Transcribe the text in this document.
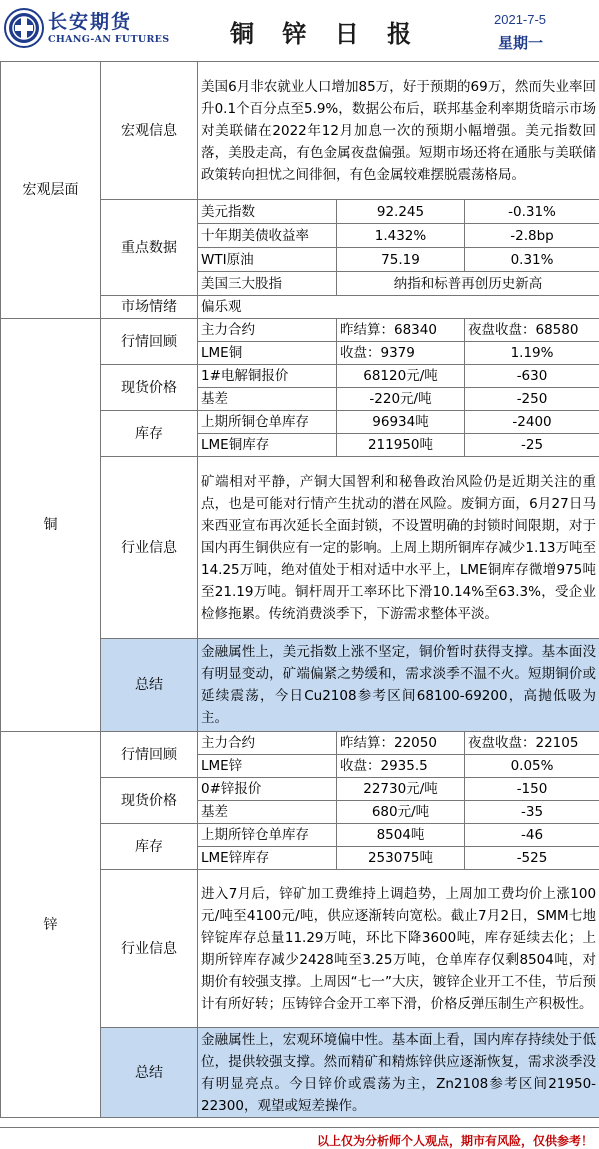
长安期货
CHANG-AN FUTURES	铜 锌 日 报
2021-7-5
星期一
宏观层面	宏观信息	美国6月非农就业人口增加85万，好于预期的69万，然而失业率回升0.1个百分点至5.9%，数据公布后，联邦基金利率期货暗示市场对美联储在2022年12月加息一次的预期小幅增强。美元指数回落，美股走高，有色金属夜盘偏强。短期市场还将在通胀与美联储政策转向担忧之间徘徊，有色金属较难摆脱震荡格局。		
	重点数据	美元指数	92.245	-0.31%
		十年期美债收益率	1.432%	-2.8bp
		WTI原油	75.19	0.31%
		美国三大股指	纳指和标普再创历史新高	
	市场情绪	偏乐观		
铜	行情回顾	主力合约	昨结算：68340	夜盘收盘：68580
		LME铜	收盘：9379	1.19%
	现货价格	1#电解铜报价	68120元/吨	-630
		基差	-220元/吨	-250
	库存	上期所铜仓单库存	96934吨	-2400
		LME铜库存	211950吨	-25
	行业信息	矿端相对平静，产铜大国智利和秘鲁政治风险仍是近期关注的重点，也是可能对行情产生扰动的潜在风险。废铜方面，6月27日马来西亚宣布再次延长全面封锁，不设置明确的封锁时间限期，对于国内再生铜供应有一定的影响。上周上期所铜库存减少1.13万吨至14.25万吨，绝对值处于相对适中水平上，LME铜库存微增975吨至21.19万吨。铜杆周开工率环比下滑10.14%至63.3%，受企业检修拖累。传统消费淡季下，下游需求整体平淡。		
	总结	金融属性上，美元指数上涨不坚定，铜价暂时获得支撑。基本面没有明显变动，矿端偏紧之势缓和，需求淡季不温不火。短期铜价或延续震荡，今日Cu2108参考区间68100-69200，高抛低吸为主。		
锌	行情回顾	主力合约	昨结算：22050	夜盘收盘：22105
		LME锌	收盘：2935.5	0.05%
	现货价格	0#锌报价	22730元/吨	-150
		基差	680元/吨	-35
	库存	上期所锌仓单库存	8504吨	-46
		LME锌库存	253075吨	-525
	行业信息	进入7月后，锌矿加工费维持上调趋势，上周加工费均价上涨100元/吨至4100元/吨，供应逐渐转向宽松。截止7月2日，SMM七地锌锭库存总量11.29万吨，环比下降3600吨，库存延续去化；上期所锌库存减少2428吨至3.25万吨，仓单库存仅剩8504吨，对期价有较强支撑。上周因“七一”大庆，镀锌企业开工不佳，节后预计有所好转；压铸锌合金开工率下滑，价格反弹压制生产积极性。		
	总结	金融属性上，宏观环境偏中性。基本面上看，国内库存持续处于低位，提供较强支撑。然而精矿和精炼锌供应逐渐恢复，需求淡季没有明显亮点。今日锌价或震荡为主，Zn2108参考区间21950-22300，观望或短差操作。		
以上仅为分析师个人观点，期市有风险，仅供参考！
